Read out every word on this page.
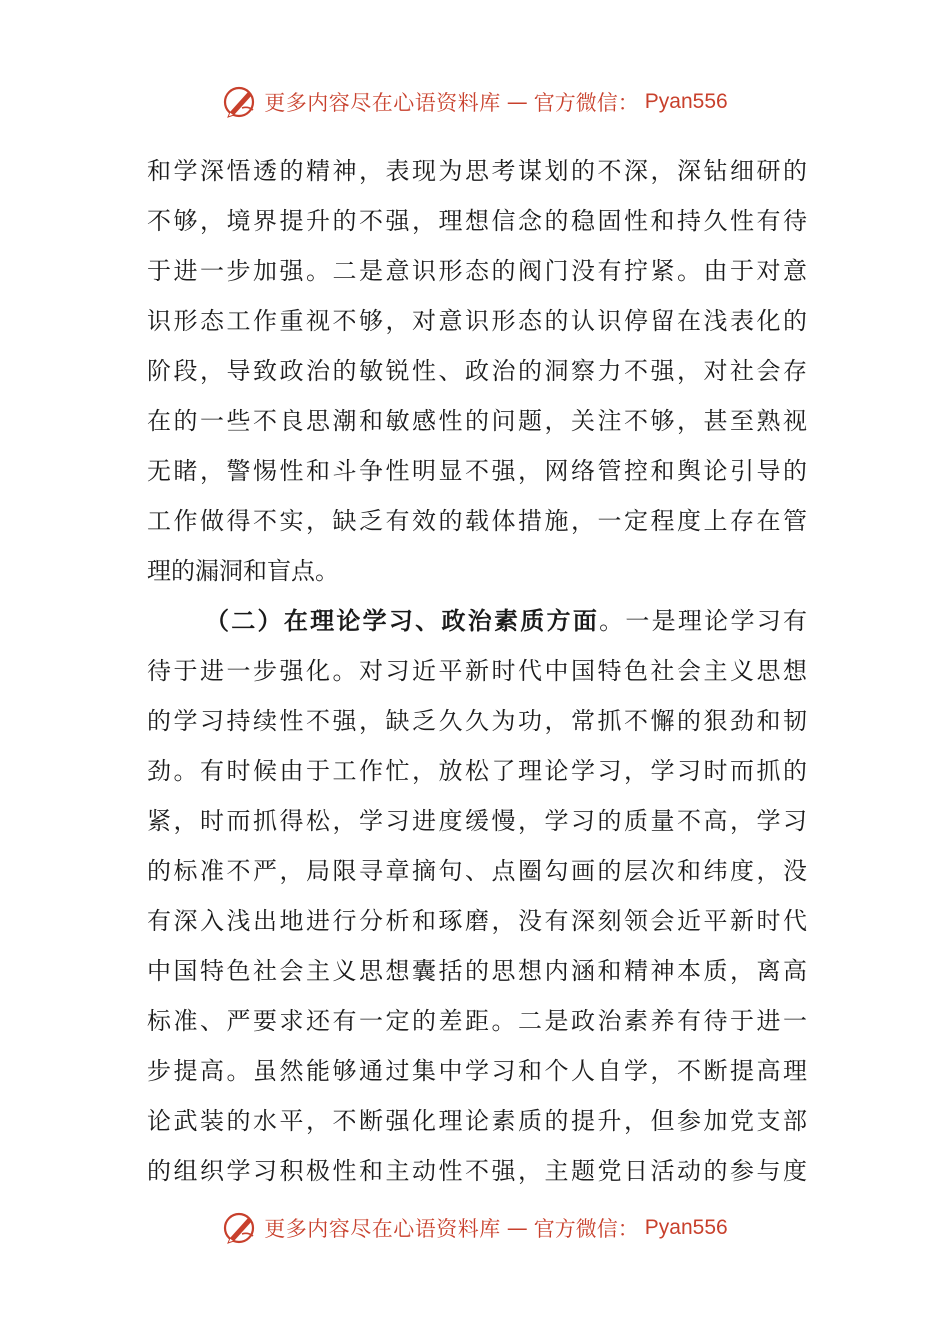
更多内容尽在心语资料库 — 官方微信： Pyan556
和学深悟透的精神，表现为思考谋划的不深，深钻细研的
不够，境界提升的不强，理想信念的稳固性和持久性有待
于进一步加强。二是意识形态的阀门没有拧紧。由于对意
识形态工作重视不够，对意识形态的认识停留在浅表化的
阶段，导致政治的敏锐性、政治的洞察力不强，对社会存
在的一些不良思潮和敏感性的问题，关注不够，甚至熟视
无睹，警惕性和斗争性明显不强，网络管控和舆论引导的
工作做得不实，缺乏有效的载体措施，一定程度上存在管
理的漏洞和盲点。
（二）在理论学习、政治素质方面。一是理论学习有
待于进一步强化。对习近平新时代中国特色社会主义思想
的学习持续性不强，缺乏久久为功，常抓不懈的狠劲和韧
劲。有时候由于工作忙，放松了理论学习，学习时而抓的
紧，时而抓得松，学习进度缓慢，学习的质量不高，学习
的标准不严，局限寻章摘句、点圈勾画的层次和纬度，没
有深入浅出地进行分析和琢磨，没有深刻领会近平新时代
中国特色社会主义思想囊括的思想内涵和精神本质，离高
标准、严要求还有一定的差距。二是政治素养有待于进一
步提高。虽然能够通过集中学习和个人自学，不断提高理
论武装的水平，不断强化理论素质的提升，但参加党支部
的组织学习积极性和主动性不强，主题党日活动的参与度
更多内容尽在心语资料库 — 官方微信： Pyan556
